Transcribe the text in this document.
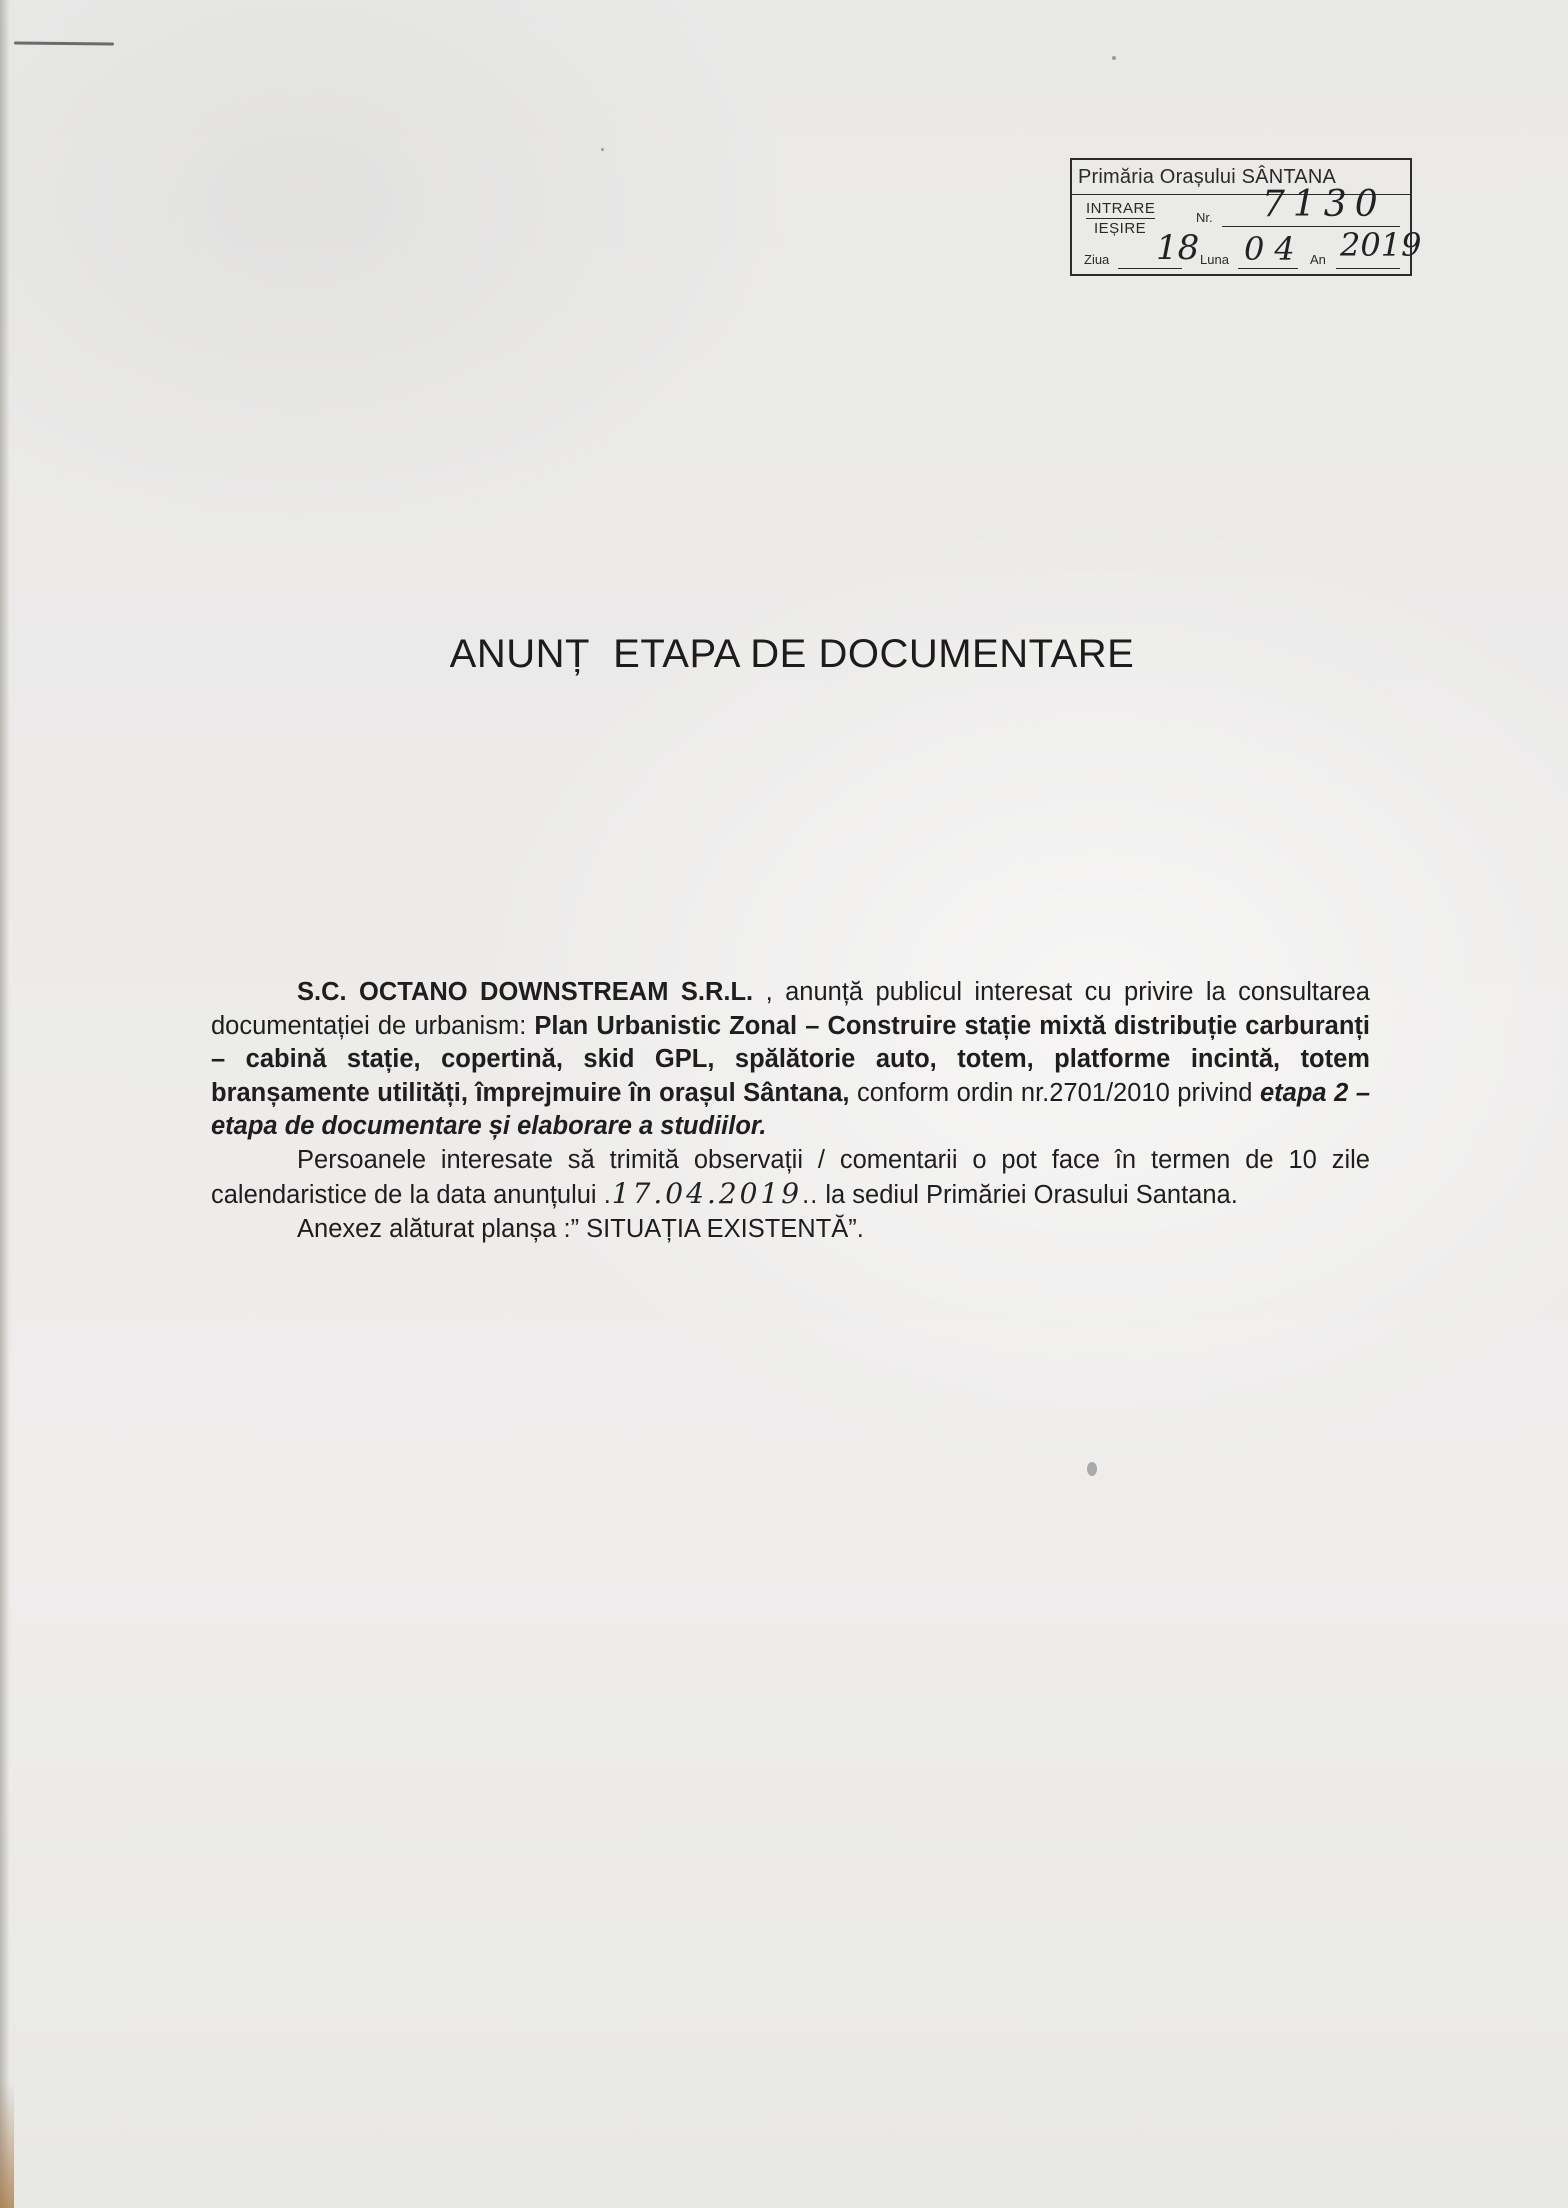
Primăria Orașului SÂNTANA
INTRARE
IEȘIRE
Nr. 7130
Ziua 18 Luna 04 An 2019
ANUNȚ  ETAPA DE DOCUMENTARE

S.C. OCTANO DOWNSTREAM S.R.L. , anunță publicul interesat cu privire la consultarea documentației de urbanism: Plan Urbanistic Zonal – Construire stație mixtă distribuție carburanți – cabină stație, copertină, skid GPL, spălătorie auto, totem, platforme incintă, totem branșamente utilități, împrejmuire în orașul Sântana, conform ordin nr.2701/2010 privind etapa 2 – etapa de documentare și elaborare a studiilor.

Persoanele interesate să trimită observații / comentarii o pot face în termen de 10 zile calendaristice de la data anunțului .17.04.2019.. la sediul Primăriei Orasului Santana.

Anexez alăturat planșa :” SITUAȚIA EXISTENTĂ”.
